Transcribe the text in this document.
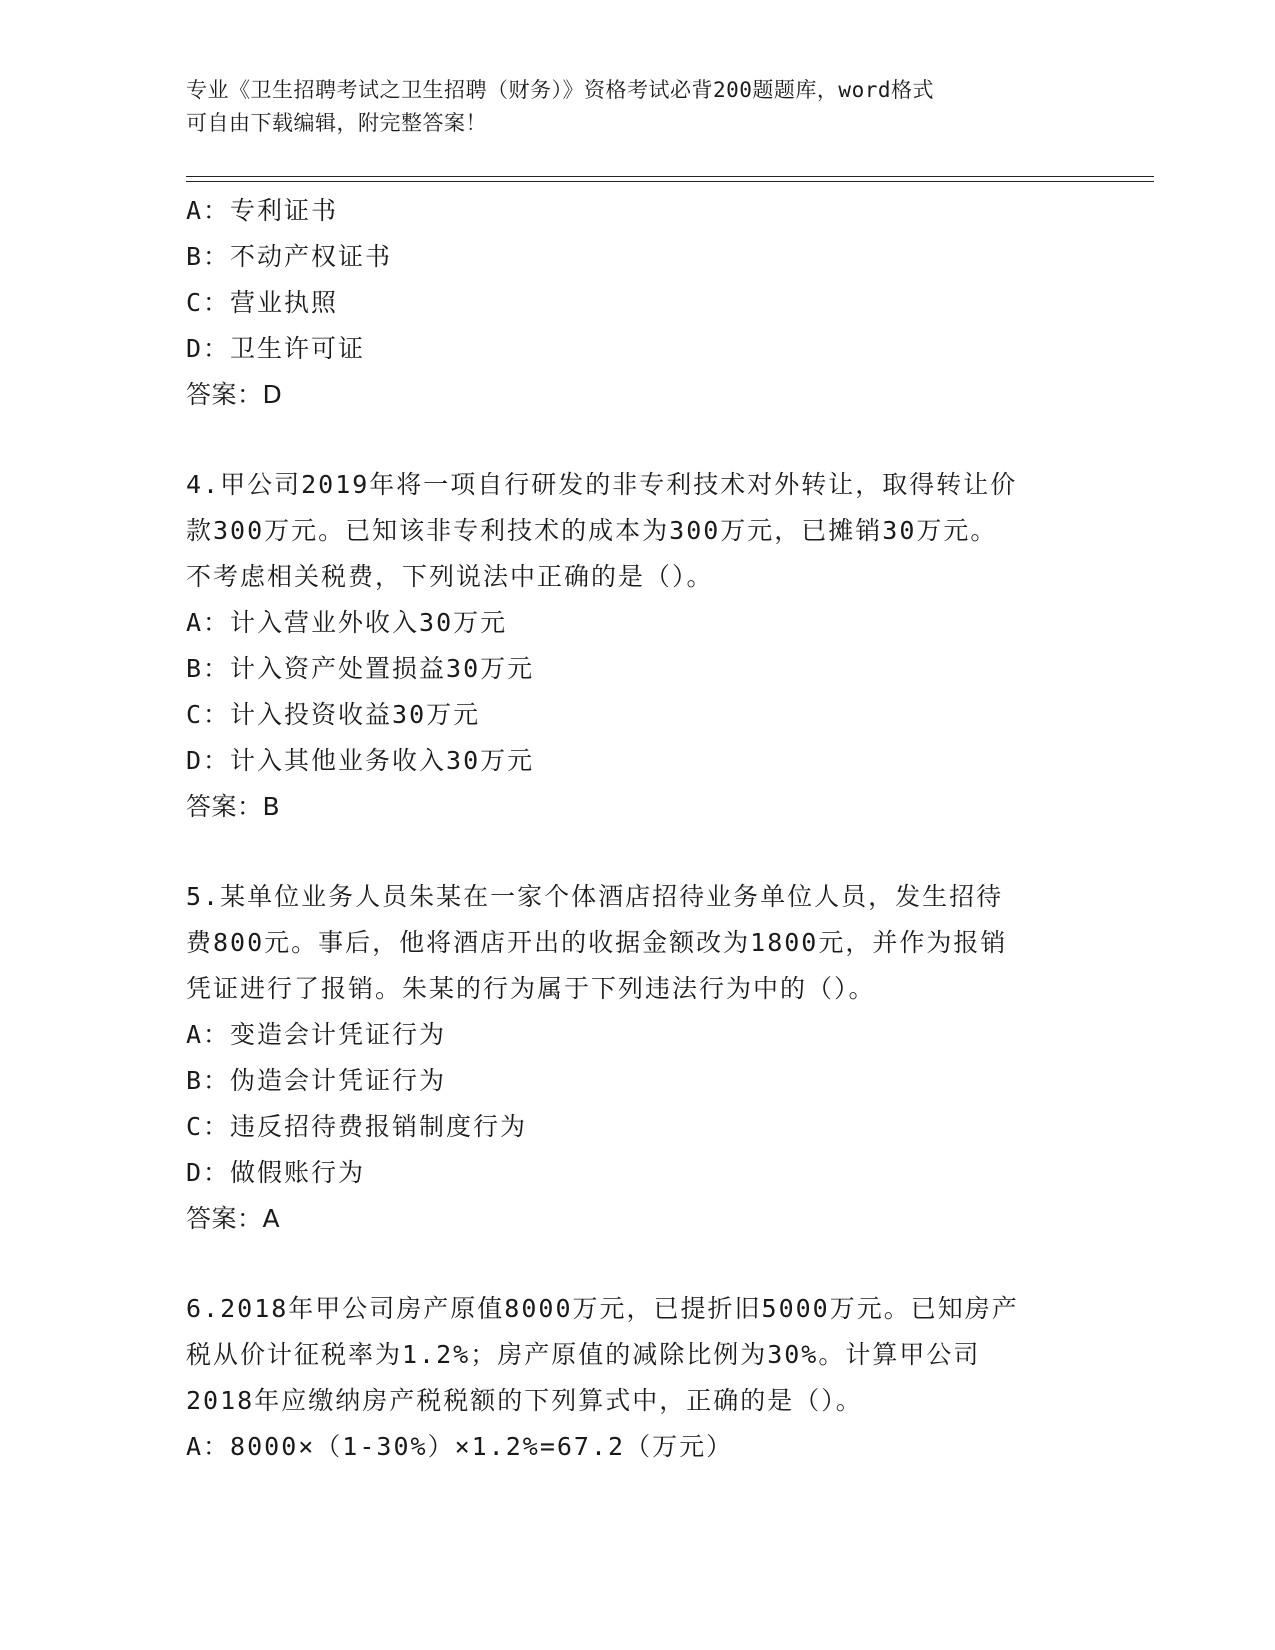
专业《卫生招聘考试之卫生招聘（财务）》资格考试必背200题题库，word格式
可自由下载编辑，附完整答案！
A：专利证书
B：不动产权证书
C：营业执照
D：卫生许可证
答案：D
4.甲公司2019年将一项自行研发的非专利技术对外转让，取得转让价
款300万元。已知该非专利技术的成本为300万元，已摊销30万元。
不考虑相关税费，下列说法中正确的是（）。
A：计入营业外收入30万元
B：计入资产处置损益30万元
C：计入投资收益30万元
D：计入其他业务收入30万元
答案：B
5.某单位业务人员朱某在一家个体酒店招待业务单位人员，发生招待
费800元。事后，他将酒店开出的收据金额改为1800元，并作为报销
凭证进行了报销。朱某的行为属于下列违法行为中的（）。
A：变造会计凭证行为
B：伪造会计凭证行为
C：违反招待费报销制度行为
D：做假账行为
答案：A
6.2018年甲公司房产原值8000万元，已提折旧5000万元。已知房产
税从价计征税率为1.2%；房产原值的减除比例为30%。计算甲公司
2018年应缴纳房产税税额的下列算式中，正确的是（）。
A：8000×（1-30%）×1.2%=67.2（万元）
